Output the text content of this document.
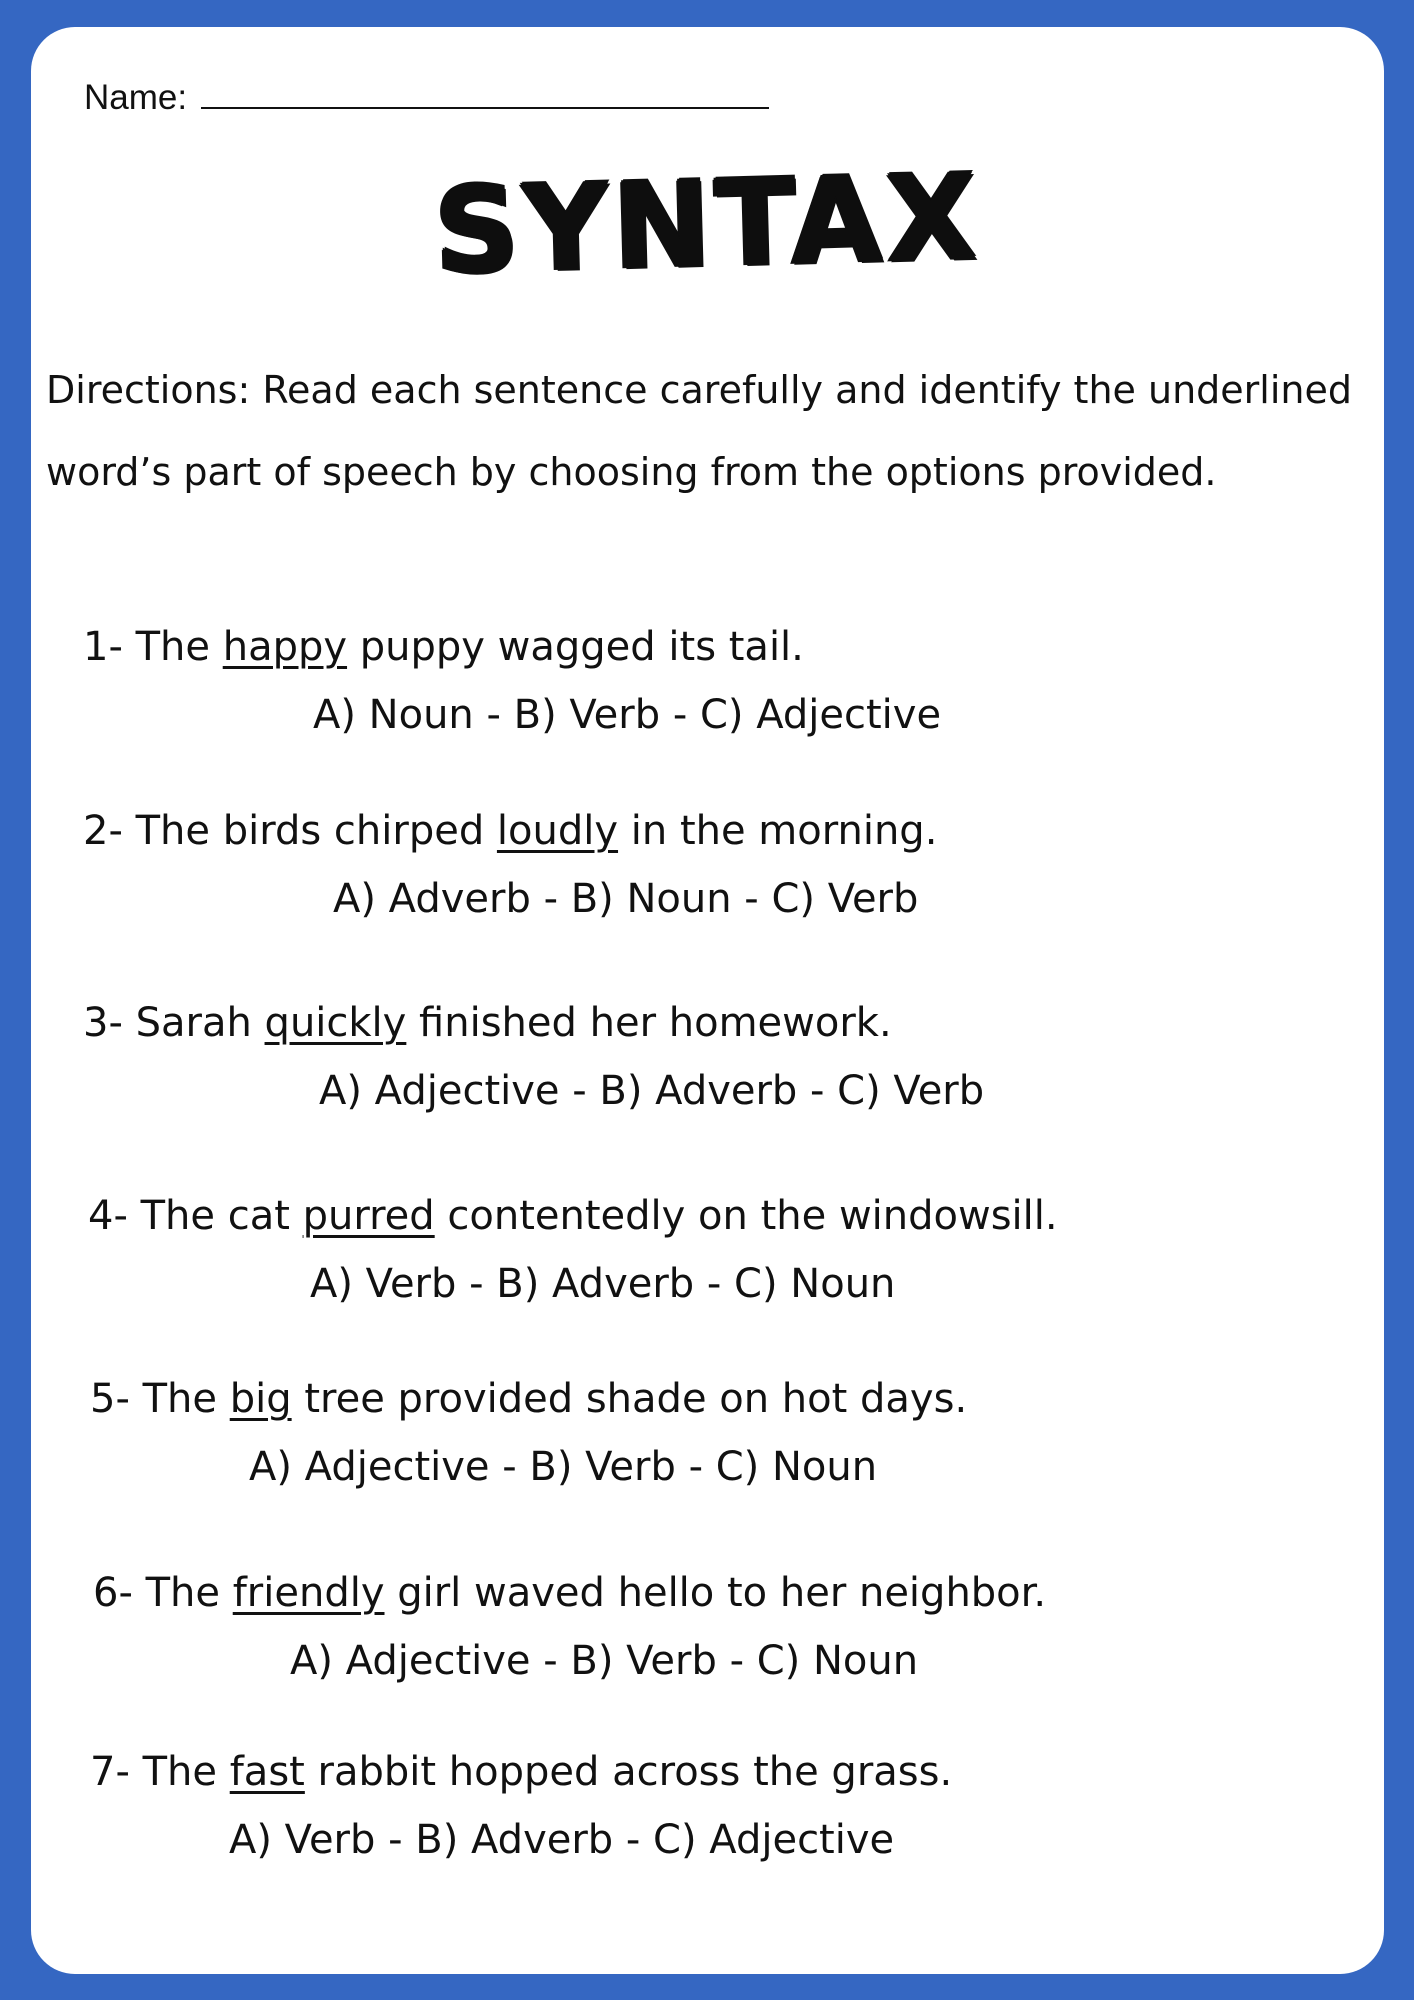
Name:
SYNTAX
Directions: Read each sentence carefully and identify the underlined word’s part of speech by choosing from the options provided.
1- The happy puppy wagged its tail.
A) Noun - B) Verb - C) Adjective
2- The birds chirped loudly in the morning.
A) Adverb - B) Noun - C) Verb
3- Sarah quickly finished her homework.
A) Adjective - B) Adverb - C) Verb
4- The cat purred contentedly on the windowsill.
A) Verb - B) Adverb - C) Noun
5- The big tree provided shade on hot days.
A) Adjective - B) Verb - C) Noun
6- The friendly girl waved hello to her neighbor.
A) Adjective - B) Verb - C) Noun
7- The fast rabbit hopped across the grass.
A) Verb - B) Adverb - C) Adjective
